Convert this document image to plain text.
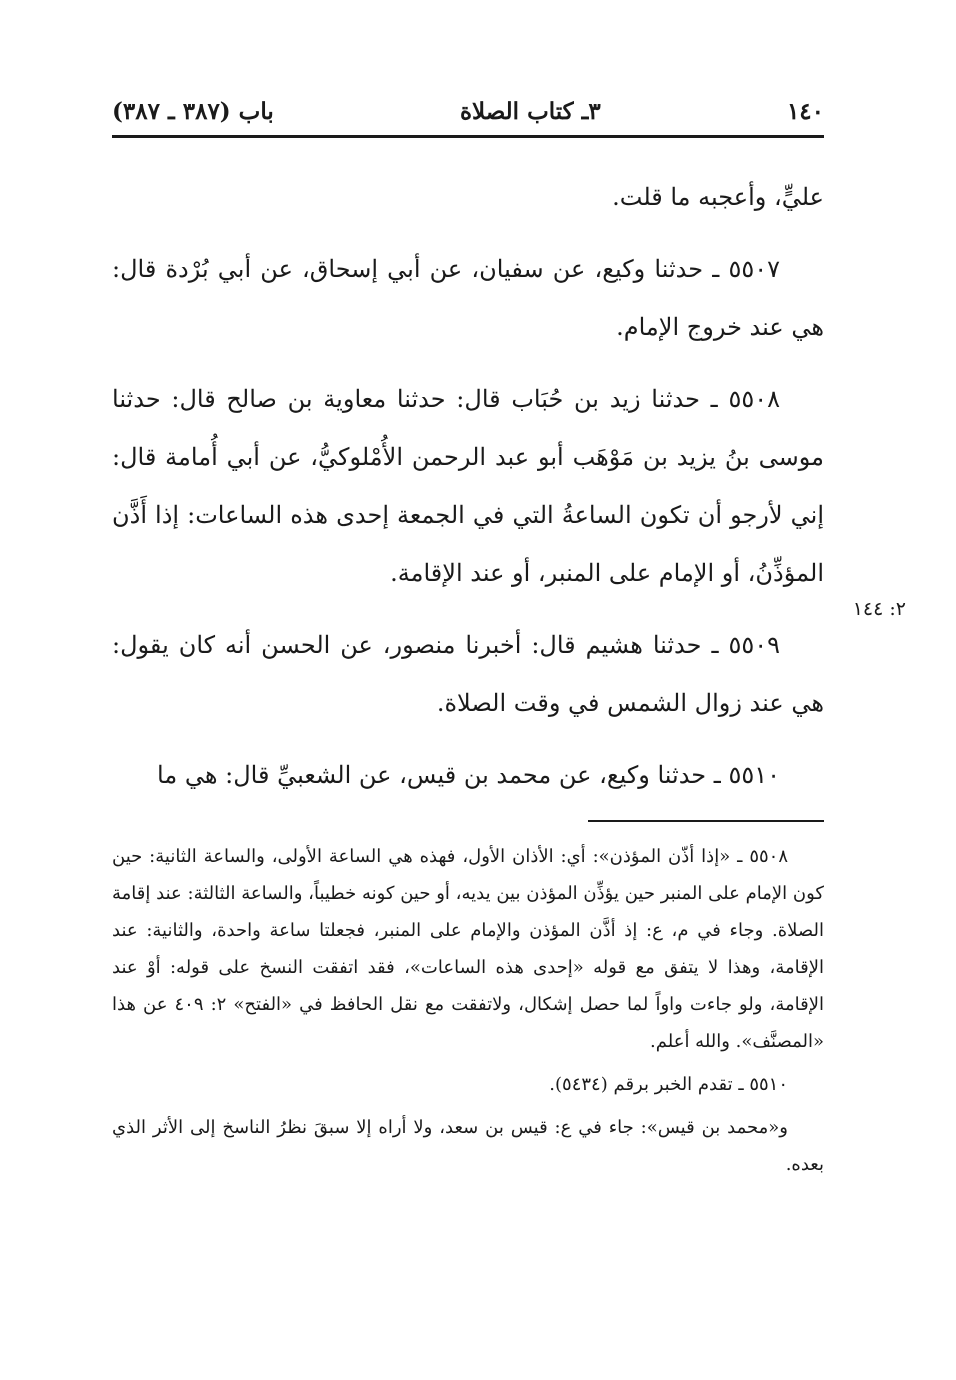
١٤٠
٣ـ كتاب الصلاة
باب (٣٨٧ ـ ٣٨٧)

عليٍّ، وأعجبه ما قلت.

٥٥٠٧ ـ حدثنا وكيع، عن سفيان، عن أبي إسحاق، عن أبي بُرْدة قال: هي عند خروج الإمام.

٥٥٠٨ ـ حدثنا زيد بن حُبَاب قال: حدثنا معاوية بن صالح قال: حدثنا موسى بنُ يزيد بن مَوْهَب أبو عبد الرحمن الأُمْلوكيُّ، عن أبي أُمامة قال: إني لأرجو أن تكون الساعةُ التي في الجمعة إحدى هذه الساعات: إذا أَذَّن المؤذِّنُ، أو الإمام على المنبر، أو عند الإقامة.

٥٥٠٩ ـ حدثنا هشيم قال: أخبرنا منصور، عن الحسن أنه كان يقول: هي عند زوال الشمس في وقت الصلاة.

٥٥١٠ ـ حدثنا وكيع، عن محمد بن قيس، عن الشعبيِّ قال: هي ما

٢: ١٤٤

٥٥٠٨ ـ «إذا أذّن المؤذن»: أي: الأذان الأول، فهذه هي الساعة الأولى، والساعة الثانية: حين كون الإمام على المنبر حين يؤذِّن المؤذن بين يديه، أو حين كونه خطيباً، والساعة الثالثة: عند إقامة الصلاة. وجاء في م، ع: إذ أذَّن المؤذن والإمام على المنبر، فجعلتا ساعة واحدة، والثانية: عند الإقامة، وهذا لا يتفق مع قوله «إحدى هذه الساعات»، فقد اتفقت النسخ على قوله: أوْ عند الإقامة، ولو جاءت واواً لما حصل إشكال، ولاتفقت مع نقل الحافظ في «الفتح» ٢: ٤٠٩ عن هذا «المصنَّف». والله أعلم.

٥٥١٠ ـ تقدم الخبر برقم (٥٤٣٤).

و«محمد بن قيس»: جاء في ع: قيس بن سعد، ولا أراه إلا سبقَ نظرُ الناسخ إلى الأثر الذي بعده.
